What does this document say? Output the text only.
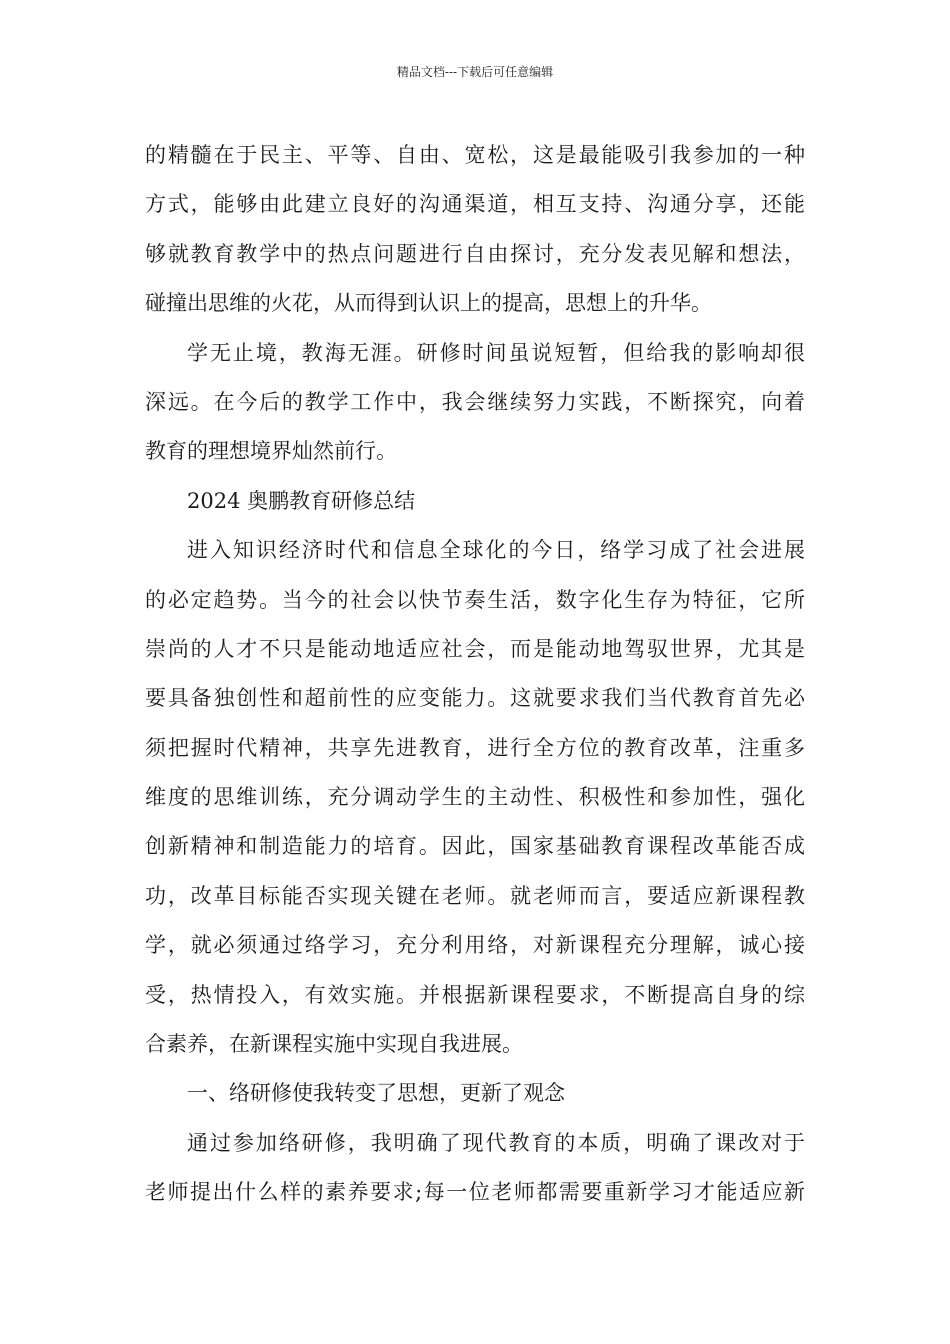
精品文档---下载后可任意编辑
的精髓在于民主、平等、自由、宽松，这是最能吸引我参加的一种
方式，能够由此建立良好的沟通渠道，相互支持、沟通分享，还能
够就教育教学中的热点问题进行自由探讨，充分发表见解和想法，
碰撞出思维的火花，从而得到认识上的提高，思想上的升华。
学无止境，教海无涯。研修时间虽说短暂，但给我的影响却很
深远。在今后的教学工作中，我会继续努力实践，不断探究，向着
教育的理想境界灿然前行。
2024 奥鹏教育研修总结
进入知识经济时代和信息全球化的今日，络学习成了社会进展
的必定趋势。当今的社会以快节奏生活，数字化生存为特征，它所
崇尚的人才不只是能动地适应社会，而是能动地驾驭世界，尤其是
要具备独创性和超前性的应变能力。这就要求我们当代教育首先必
须把握时代精神，共享先进教育，进行全方位的教育改革，注重多
维度的思维训练，充分调动学生的主动性、积极性和参加性，强化
创新精神和制造能力的培育。因此，国家基础教育课程改革能否成
功，改革目标能否实现关键在老师。就老师而言，要适应新课程教
学，就必须通过络学习，充分利用络，对新课程充分理解，诚心接
受，热情投入，有效实施。并根据新课程要求，不断提高自身的综
合素养，在新课程实施中实现自我进展。
一、络研修使我转变了思想，更新了观念
通过参加络研修，我明确了现代教育的本质，明确了课改对于
老师提出什么样的素养要求;每一位老师都需要重新学习才能适应新
